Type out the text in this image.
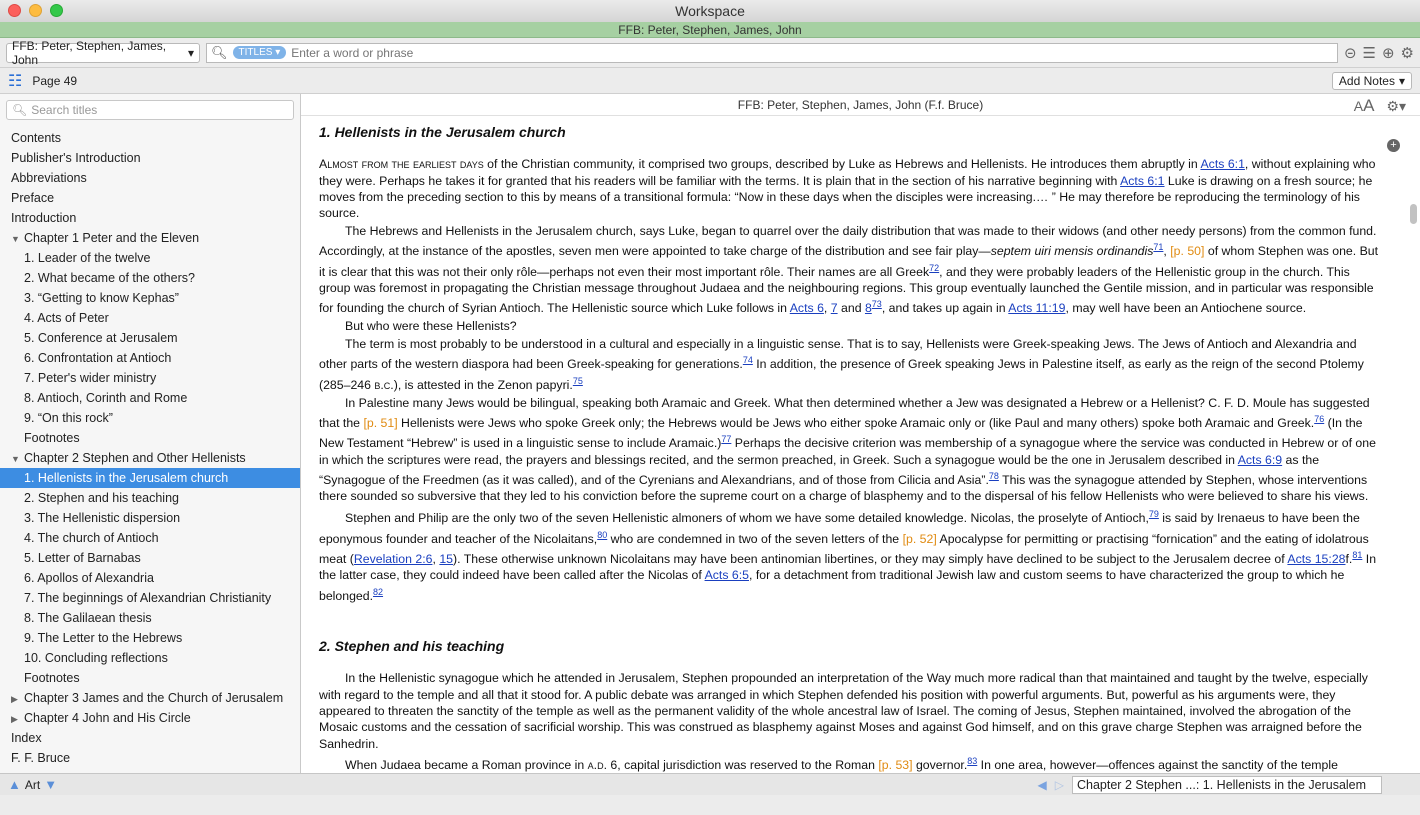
Workspace
FFB: Peter, Stephen, James, John
FFB: Peter, Stephen, James, John	▾ 🔍︎	TITLES ▾
Enter a word or phrase	⊝ ☰ ⊕ ⚙
☷ Page 49	Add Notes ▾
🔍︎ Search titles
Contents
Publisher's Introduction
Abbreviations
Preface
Introduction
▼ Chapter 1 Peter and the Eleven
1. Leader of the twelve
2. What became of the others?
3. “Getting to know Kephas”
4. Acts of Peter
5. Conference at Jerusalem
6. Confrontation at Antioch
7. Peter's wider ministry
8. Antioch, Corinth and Rome
9. “On this rock”
Footnotes
▼ Chapter 2 Stephen and Other Hellenists
1. Hellenists in the Jerusalem church
2. Stephen and his teaching
3. The Hellenistic dispersion
4. The church of Antioch
5. Letter of Barnabas
6. Apollos of Alexandria
7. The beginnings of Alexandrian Christianity
8. The Galilaean thesis
9. The Letter to the Hebrews
10. Concluding reflections
Footnotes
▶ Chapter 3 James and the Church of Jerusalem
▶ Chapter 4 John and His Circle
Index
F. F. Bruce
FFB: Peter, Stephen, James, John (F.f. Bruce)	AA ⚙▾
+
1. Hellenists in the Jerusalem church

Almost from the earliest days of the Christian community, it comprised two groups, described by Luke as Hebrews and Hellenists. He introduces them abruptly in Acts 6:1, without explaining who they were. Perhaps he takes it for granted that his readers will be familiar with the terms. It is plain that in the section of his narrative beginning with Acts 6:1 Luke is drawing on a fresh source; he moves from the preceding section to this by means of a transitional formula: “Now in these days when the disciples were increasing.… ” He may therefore be reproducing the terminology of his source.

The Hebrews and Hellenists in the Jerusalem church, says Luke, began to quarrel over the daily distribution that was made to their widows (and other needy persons) from the common fund. Accordingly, at the instance of the apostles, seven men were appointed to take charge of the distribution and see fair play—septem uiri mensis ordinandis$^{71}$, [p. 50] of whom Stephen was one. But it is clear that this was not their only rôle—perhaps not even their most important rôle. Their names are all Greek$^{72}$, and they were probably leaders of the Hellenistic group in the church. This group was foremost in propagating the Christian message throughout Judaea and the neighbouring regions. This group eventually launched the Gentile mission, and in particular was responsible for founding the church of Syrian Antioch. The Hellenistic source which Luke follows in Acts 6, 7 and $8^{73}$, and takes up again in Acts 11:19, may well have been an Antiochene source.

But who were these Hellenists?

The term is most probably to be understood in a cultural and especially in a linguistic sense. That is to say, Hellenists were Greek-speaking Jews. The Jews of Antioch and Alexandria and other parts of the western diaspora had been Greek-speaking for generations.$^{74}$ In addition, the presence of Greek speaking Jews in Palestine itself, as early as the reign of the second Ptolemy (285–246 b.c.), is attested in the Zenon papyri.$^{75}$

In Palestine many Jews would be bilingual, speaking both Aramaic and Greek. What then determined whether a Jew was designated a Hebrew or a Hellenist? C. F. D. Moule has suggested that the [p. 51] Hellenists were Jews who spoke Greek only; the Hebrews would be Jews who either spoke Aramaic only or (like Paul and many others) spoke both Aramaic and Greek.$^{76}$ (In the New Testament “Hebrew” is used in a linguistic sense to include Aramaic.)$^{77}$ Perhaps the decisive criterion was membership of a synagogue where the service was conducted in Hebrew or of one in which the scriptures were read, the prayers and blessings recited, and the sermon preached, in Greek. Such a synagogue would be the one in Jerusalem described in Acts 6:9 as the “Synagogue of the Freedmen (as it was called), and of the Cyrenians and Alexandrians, and of those from Cilicia and Asia”.$^{78}$ This was the synagogue attended by Stephen, whose interventions there sounded so subversive that they led to his conviction before the supreme court on a charge of blasphemy and to the dispersal of his fellow Hellenists who were believed to share his views.

Stephen and Philip are the only two of the seven Hellenistic almoners of whom we have some detailed knowledge. Nicolas, the proselyte of Antioch,$^{79}$ is said by Irenaeus to have been the eponymous founder and teacher of the Nicolaitans,$^{80}$ who are condemned in two of the seven letters of the [p. 52] Apocalypse for permitting or practising “fornication” and the eating of idolatrous meat (Revelation 2:6, 15). These otherwise unknown Nicolaitans may have been antinomian libertines, or they may simply have declined to be subject to the Jerusalem decree of Acts 15:28f.$^{81}$ In the latter case, they could indeed have been called after the Nicolas of Acts 6:5, for a detachment from traditional Jewish law and custom seems to have characterized the group to which he belonged.$^{82}$

2. Stephen and his teaching

In the Hellenistic synagogue which he attended in Jerusalem, Stephen propounded an interpretation of the Way much more radical than that maintained and taught by the twelve, especially with regard to the temple and all that it stood for. A public debate was arranged in which Stephen defended his position with powerful arguments. But, powerful as his arguments were, they appeared to threaten the sanctity of the temple as well as the permanent validity of the whole ancestral law of Israel. The coming of Jesus, Stephen maintained, involved the abrogation of the Mosaic customs and the cessation of sacrificial worship. This was construed as blasphemy against Moses and against God himself, and on this grave charge Stephen was arraigned before the Sanhedrin.

When Judaea became a Roman province in a.d. 6, capital jurisdiction was reserved to the Roman [p. 53] governor.$^{83}$ In one area, however—offences against the sanctity of the temple

▲ Art ▼	◀ ▷	Chapter 2 Stephen ...: 1. Hellenists in the Jerusalem
